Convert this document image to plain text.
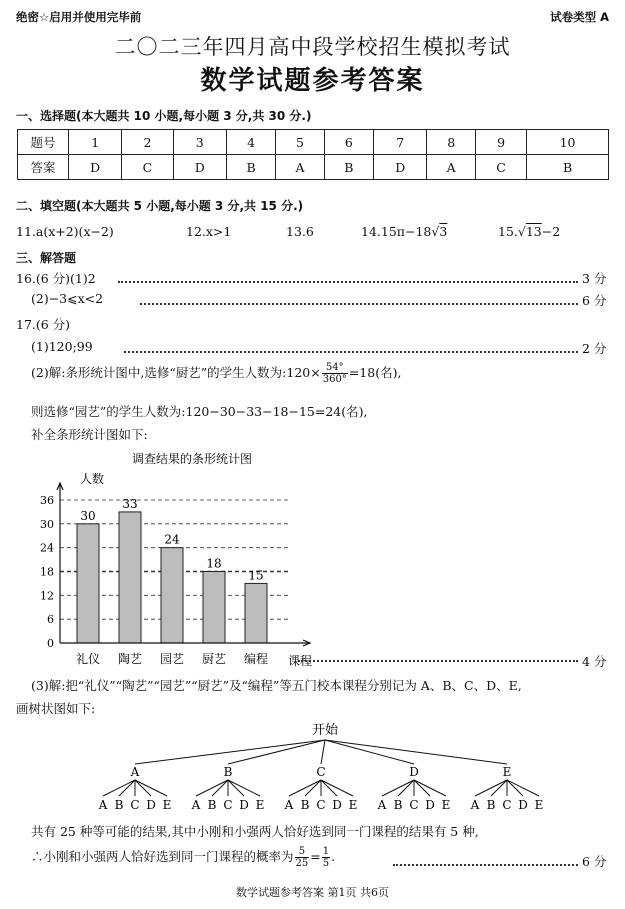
绝密☆启用并使用完毕前	试卷类型 A
二〇二三年四月高中段学校招生模拟考试
数学试题参考答案
一、选择题(本大题共 10 小题,每小题 3 分,共 30 分.)
题号	1	2	3	4	5	6	7	8	9	10
答案	D	C	D	B	A	B	D	A	C	B
二、填空题(本大题共 5 小题,每小题 3 分,共 15 分.)
11.a(x+2)(x−2)	12.x>1	13.6	14.15π−18√3	15.√13−2
三、解答题
16.(6 分)(1)2	3 分
(2)−3⩽x<2	6 分
17.(6 分)
(1)120;99	2 分
(2)解:条形统计图中,选修“厨艺”的学生人数为:120× $\frac{54^\circ}{360^\circ} =18$(名),
则选修“园艺”的学生人数为:120−30−33−18−15=24(名),
补全条形统计图如下:
调查结果的条形统计图
人数
课程
0
6
12
18
24
30
36
30
礼仪
33
陶艺
24
园艺
18
厨艺
15
编程	4 分
(3)解:把“礼仪”“陶艺”“园艺”“厨艺”及“编程”等五门校本课程分别记为 A、B、C、D、E,
画树状图如下:
开始
A
A B C D E
B
A B C D E
C
A B C D E
D
A B C D E
E
A B C D E
共有 25 种等可能的结果,其中小刚和小强两人恰好选到同一门课程的结果有 5 种,
∴小刚和小强两人恰好选到同一门课程的概率为 $\frac{5}{25} = \frac{1}{5}$ .	6 分
数学试题参考答案 第1页 共6页
